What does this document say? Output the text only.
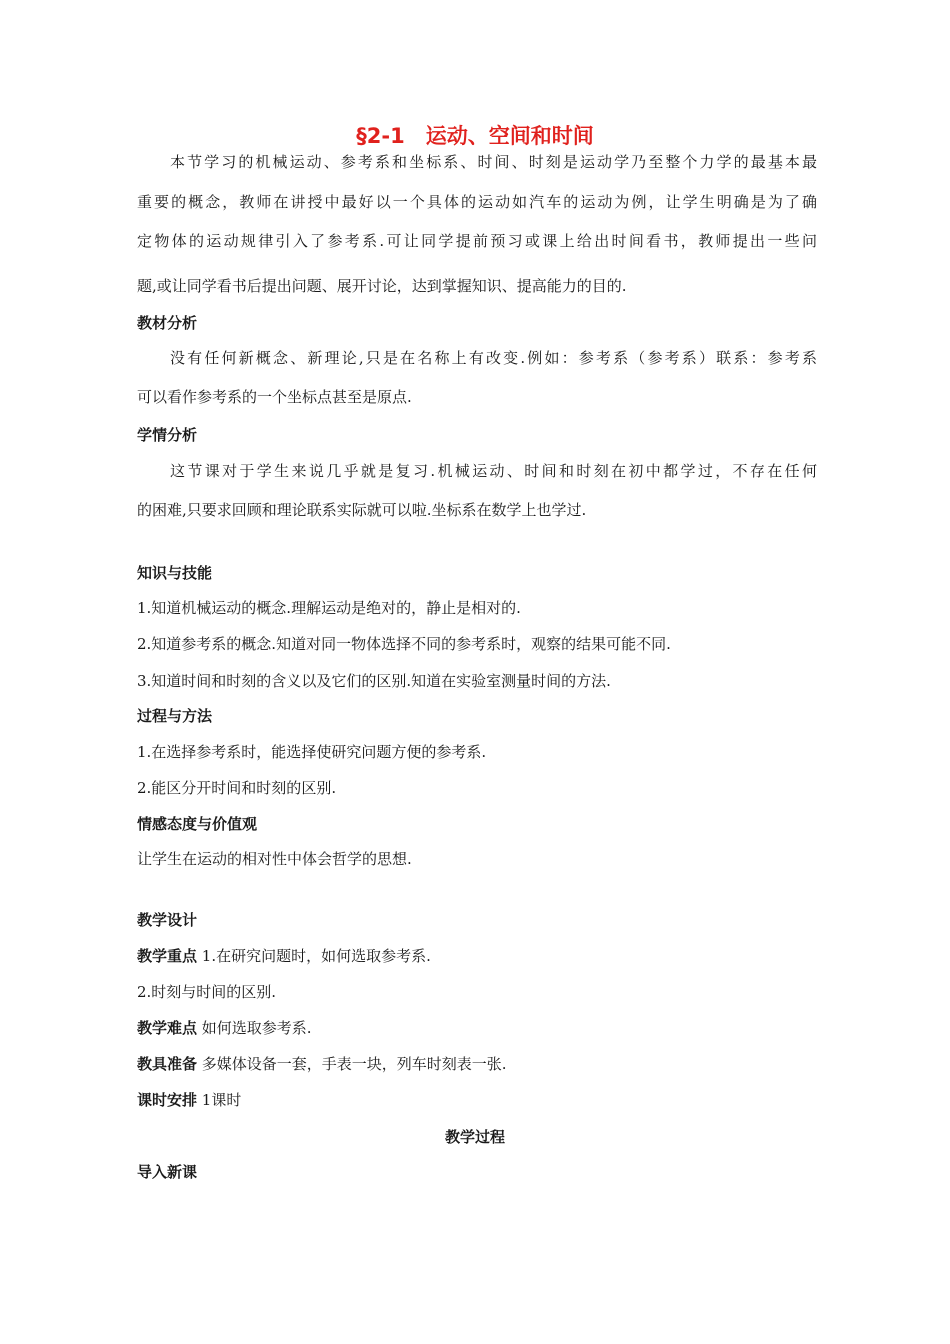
§2-1　运动、空间和时间
本节学习的机械运动、参考系和坐标系、时间、时刻是运动学乃至整个力学的最基本最
重要的概念，教师在讲授中最好以一个具体的运动如汽车的运动为例，让学生明确是为了确
定物体的运动规律引入了参考系.可让同学提前预习或课上给出时间看书，教师提出一些问
题,或让同学看书后提出问题、展开讨论，达到掌握知识、提高能力的目的.
教材分析
没有任何新概念、新理论,只是在名称上有改变.例如：参考系（参考系）联系：参考系
可以看作参考系的一个坐标点甚至是原点.
学情分析
这节课对于学生来说几乎就是复习.机械运动、时间和时刻在初中都学过，不存在任何
的困难,只要求回顾和理论联系实际就可以啦.坐标系在数学上也学过.
知识与技能
1.知道机械运动的概念.理解运动是绝对的，静止是相对的.
2.知道参考系的概念.知道对同一物体选择不同的参考系时，观察的结果可能不同.
3.知道时间和时刻的含义以及它们的区别.知道在实验室测量时间的方法.
过程与方法
1.在选择参考系时，能选择使研究问题方便的参考系.
2.能区分开时间和时刻的区别.
情感态度与价值观
让学生在运动的相对性中体会哲学的思想.
教学设计
教学重点 1.在研究问题时，如何选取参考系.
2.时刻与时间的区别.
教学难点 如何选取参考系.
教具准备 多媒体设备一套，手表一块，列车时刻表一张.
课时安排 1课时
教学过程
导入新课
